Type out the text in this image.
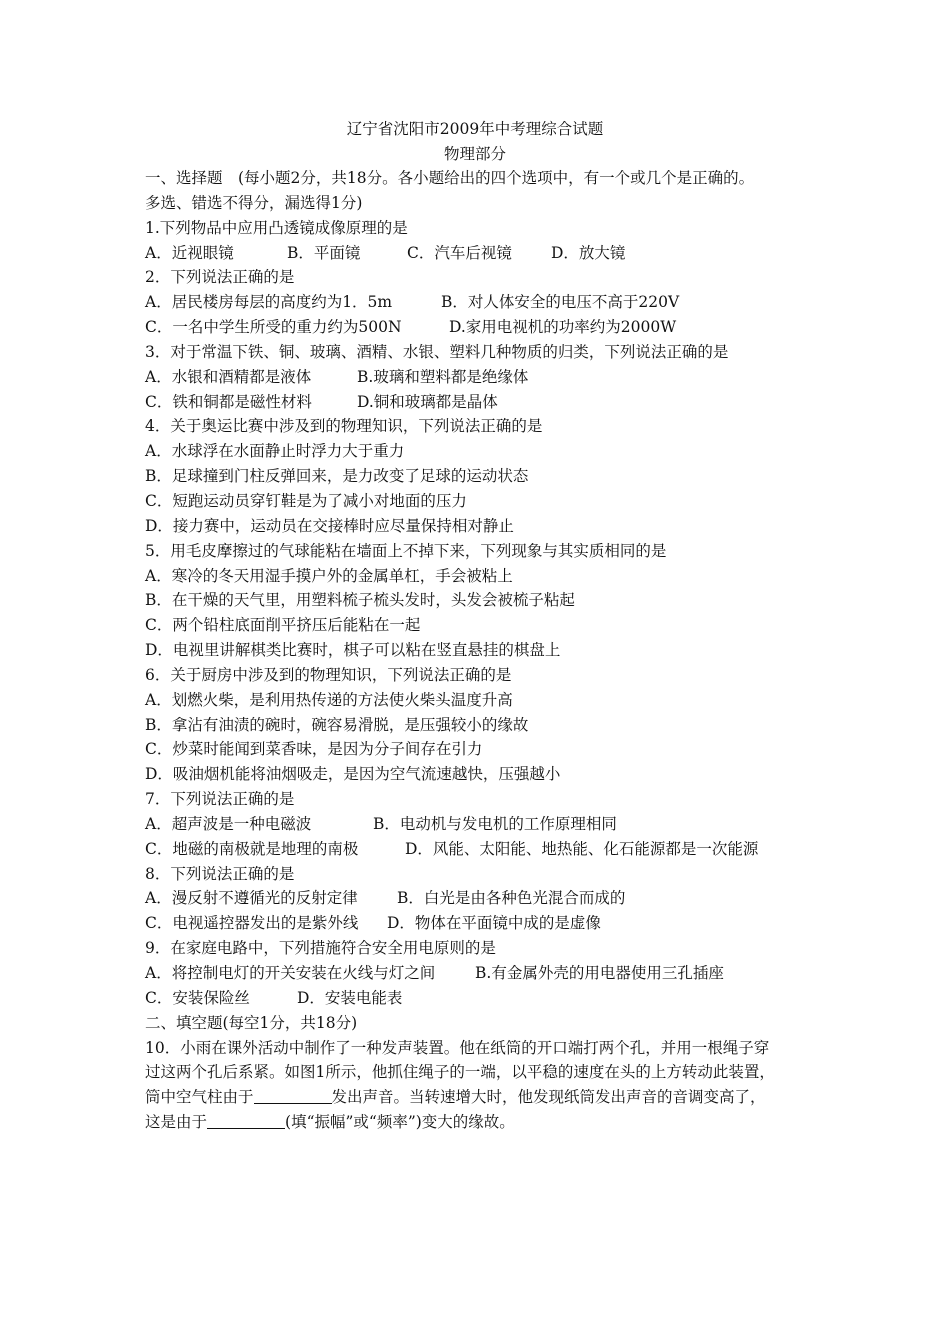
辽宁省沈阳市2009年中考理综合试题
物理部分
一、选择题　(每小题2分，共18分。各小题给出的四个选项中，有一个或几个是正确的。
多选、错选不得分，漏选得1分)
1.下列物品中应用凸透镜成像原理的是
A．近视眼镜	B．平面镜	C．汽车后视镜	D．放大镜
2．下列说法正确的是
A．居民楼房每层的高度约为1．5m	B．对人体安全的电压不高于220V
C．一名中学生所受的重力约为500N	D.家用电视机的功率约为2000W
3．对于常温下铁、铜、玻璃、酒精、水银、塑料几种物质的归类，下列说法正确的是
A．水银和酒精都是液体	B.玻璃和塑料都是绝缘体
C．铁和铜都是磁性材料	D.铜和玻璃都是晶体
4．关于奥运比赛中涉及到的物理知识，下列说法正确的是
A．水球浮在水面静止时浮力大于重力
B．足球撞到门柱反弹回来，是力改变了足球的运动状态
C．短跑运动员穿钉鞋是为了减小对地面的压力
D．接力赛中，运动员在交接棒时应尽量保持相对静止
5．用毛皮摩擦过的气球能粘在墙面上不掉下来，下列现象与其实质相同的是
A．寒冷的冬天用湿手摸户外的金属单杠，手会被粘上
B．在干燥的天气里，用塑料梳子梳头发时，头发会被梳子粘起
C．两个铅柱底面削平挤压后能粘在一起
D．电视里讲解棋类比赛时，棋子可以粘在竖直悬挂的棋盘上
6．关于厨房中涉及到的物理知识，下列说法正确的是
A．划燃火柴，是利用热传递的方法使火柴头温度升高
B．拿沾有油渍的碗时，碗容易滑脱，是压强较小的缘故
C．炒菜时能闻到菜香味，是因为分子间存在引力
D．吸油烟机能将油烟吸走，是因为空气流速越快，压强越小
7．下列说法正确的是
A．超声波是一种电磁波	B．电动机与发电机的工作原理相同
C．地磁的南极就是地理的南极	D．风能、太阳能、地热能、化石能源都是一次能源
8．下列说法正确的是
A．漫反射不遵循光的反射定律	B．白光是由各种色光混合而成的
C．电视遥控器发出的是紫外线 D．物体在平面镜中成的是虚像
9．在家庭电路中，下列措施符合安全用电原则的是
A．将控制电灯的开关安装在火线与灯之间	B.有金属外壳的用电器使用三孔插座
C．安装保险丝	D．安装电能表
二、填空题(每空1分，共18分)
10．小雨在课外活动中制作了一种发声装置。他在纸筒的开口端打两个孔，并用一根绳子穿
过这两个孔后系紧。如图1所示，他抓住绳子的一端，以平稳的速度在头的上方转动此装置，
筒中空气柱由于	发出声音。当转速增大时，他发现纸筒发出声音的音调变高了，
这是由于	(填“振幅”或“频率”)变大的缘故。
